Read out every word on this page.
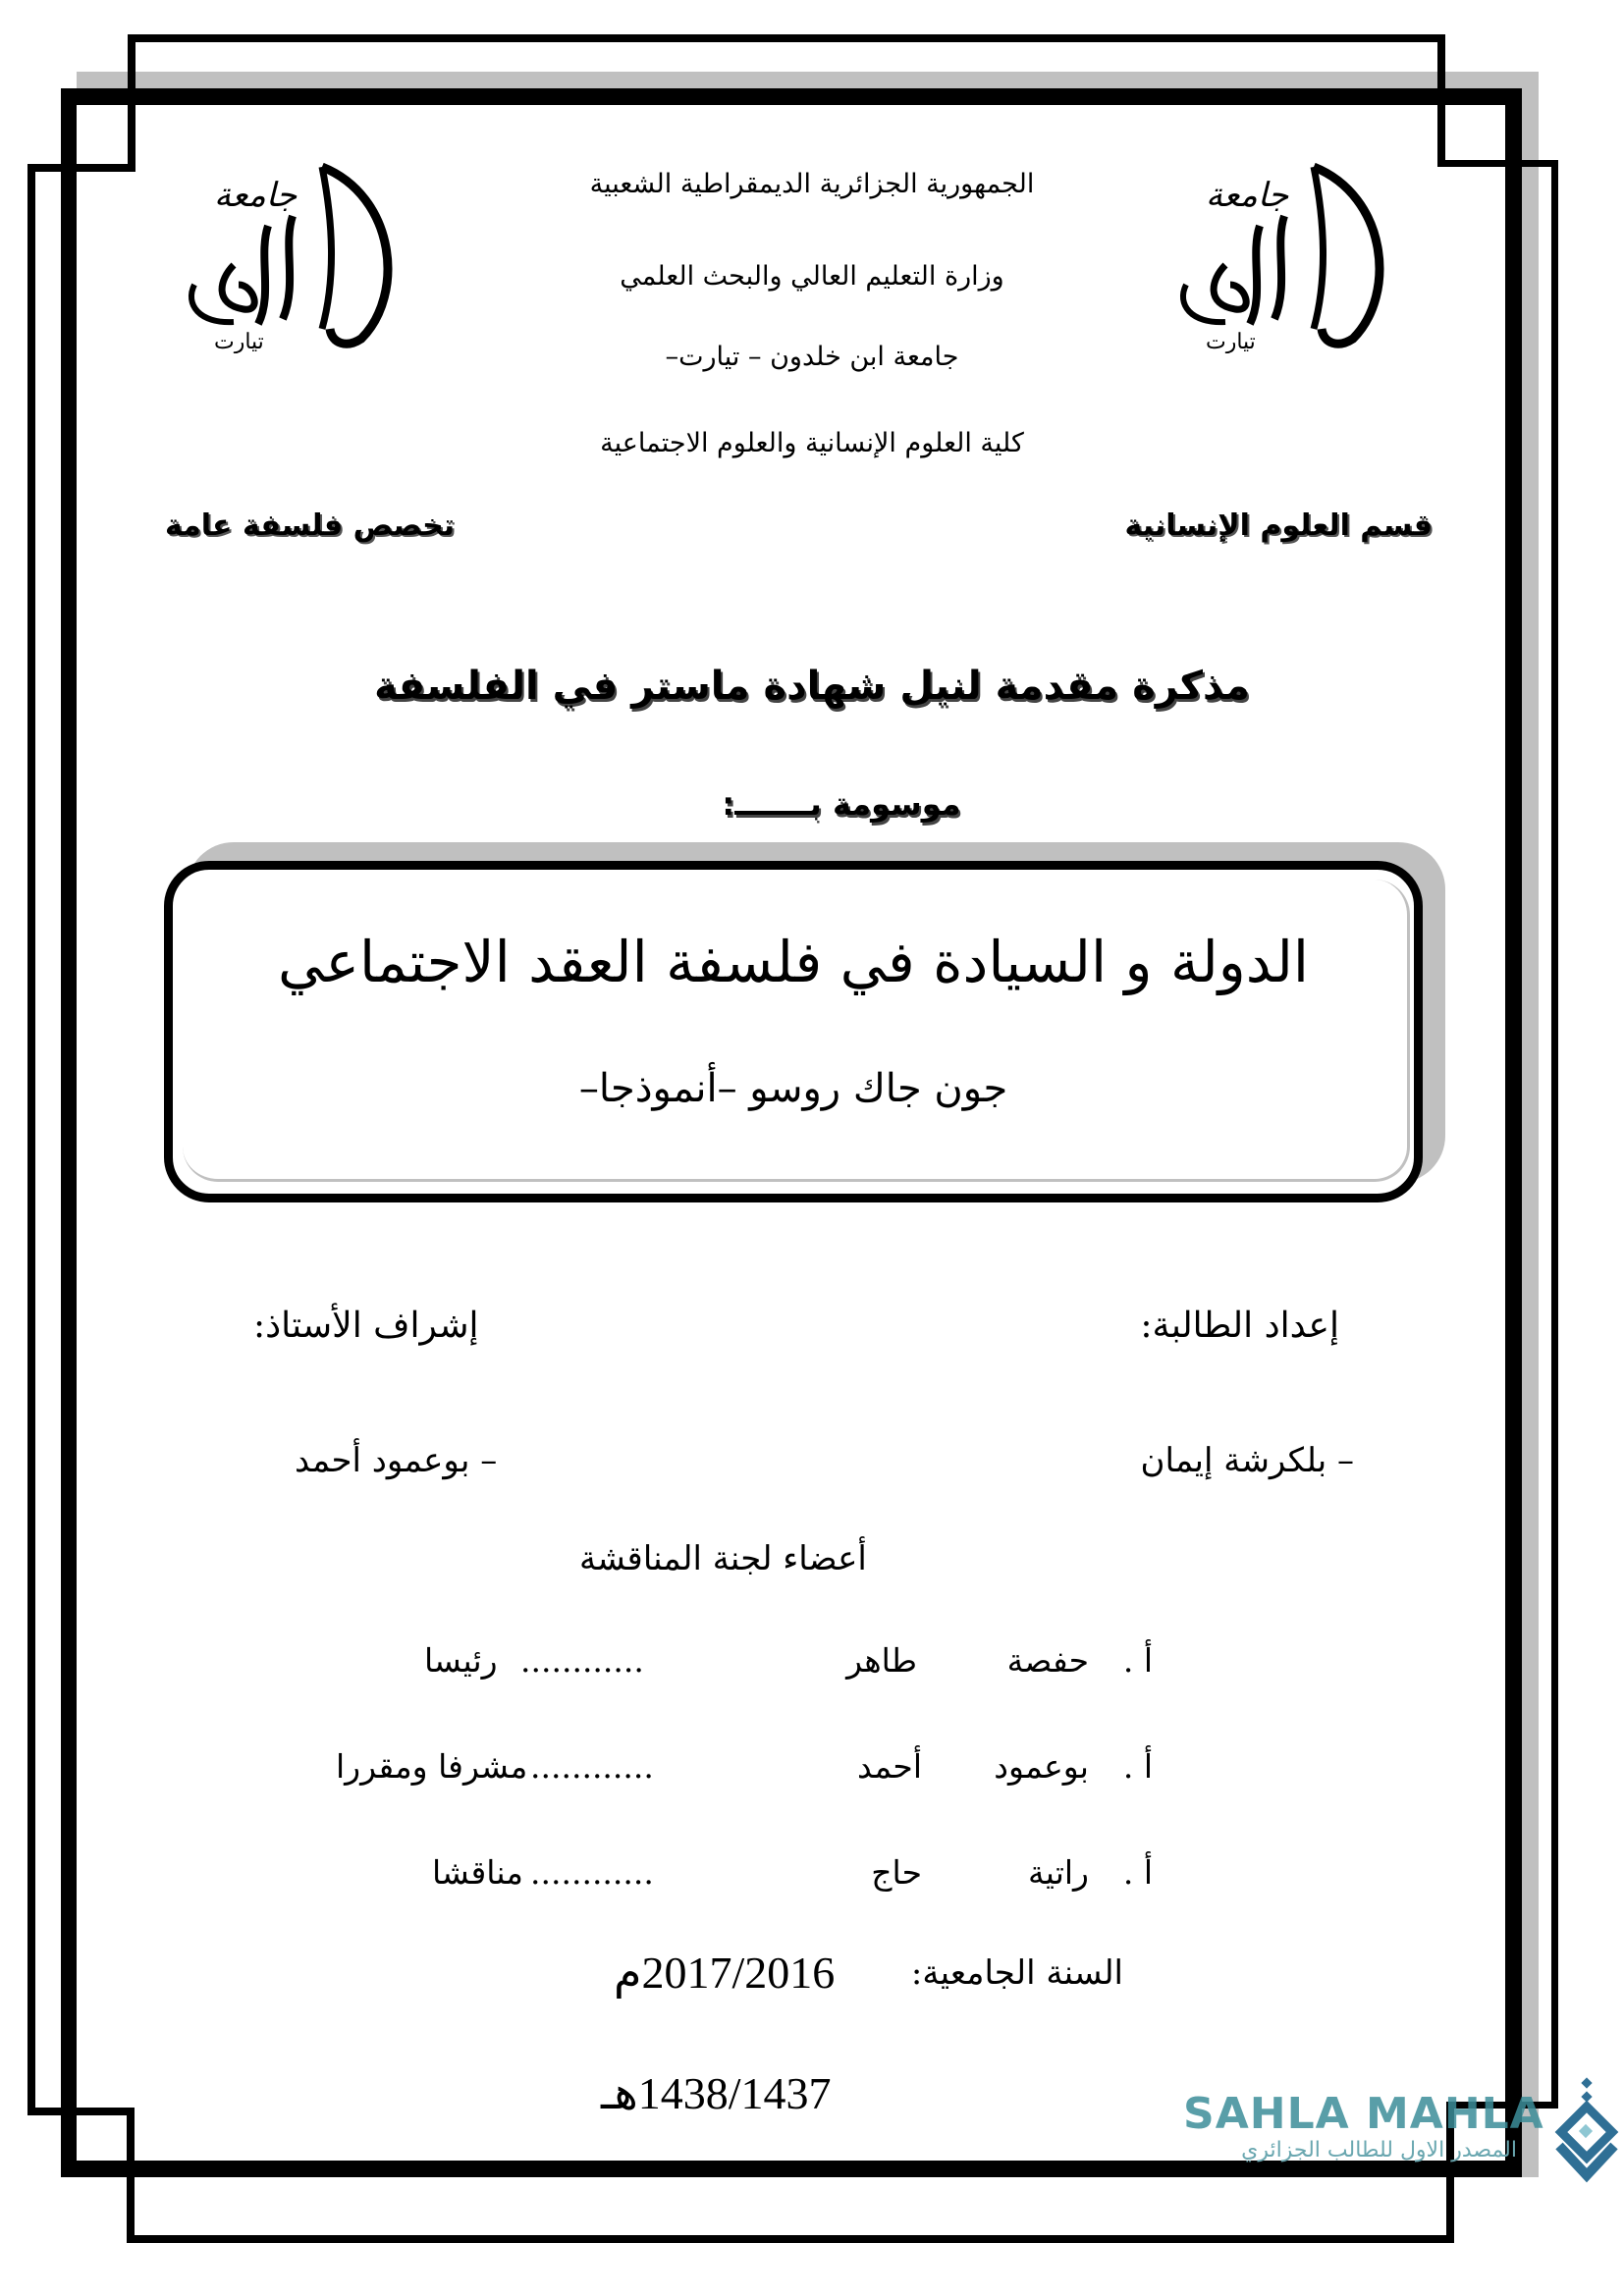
جامعة
تيارت
جامعة
تيارت
الجمهورية الجزائرية الديمقراطية الشعبية
وزارة التعليم العالي والبحث العلمي
جامعة ابن خلدون – تيارت–
كلية العلوم الإنسانية والعلوم الاجتماعية
قسم العلوم الإنسانية
تخصص فلسفة عامة
مذكرة مقدمة لنيل شهادة ماستر في الفلسفة
موسومة بـــــــ:
الدولة و السيادة في فلسفة العقد الاجتماعي
جون جاك روسو –أنموذجا–
إعداد الطالبة:
إشراف الأستاذ:
– بلكرشة إيمان
– بوعمود أحمد
أعضاء لجنة المناقشة
أ .
حفصة
طاهر
............
رئيسا
أ .
بوعمود
أحمد
............
مشرفا ومقررا
أ .
راتية
حاج
............
مناقشا
السنة الجامعية:
2017/2016م
1438/1437هـ	SAHLA MAHLA
المصدر الاول للطالب الجزائري
